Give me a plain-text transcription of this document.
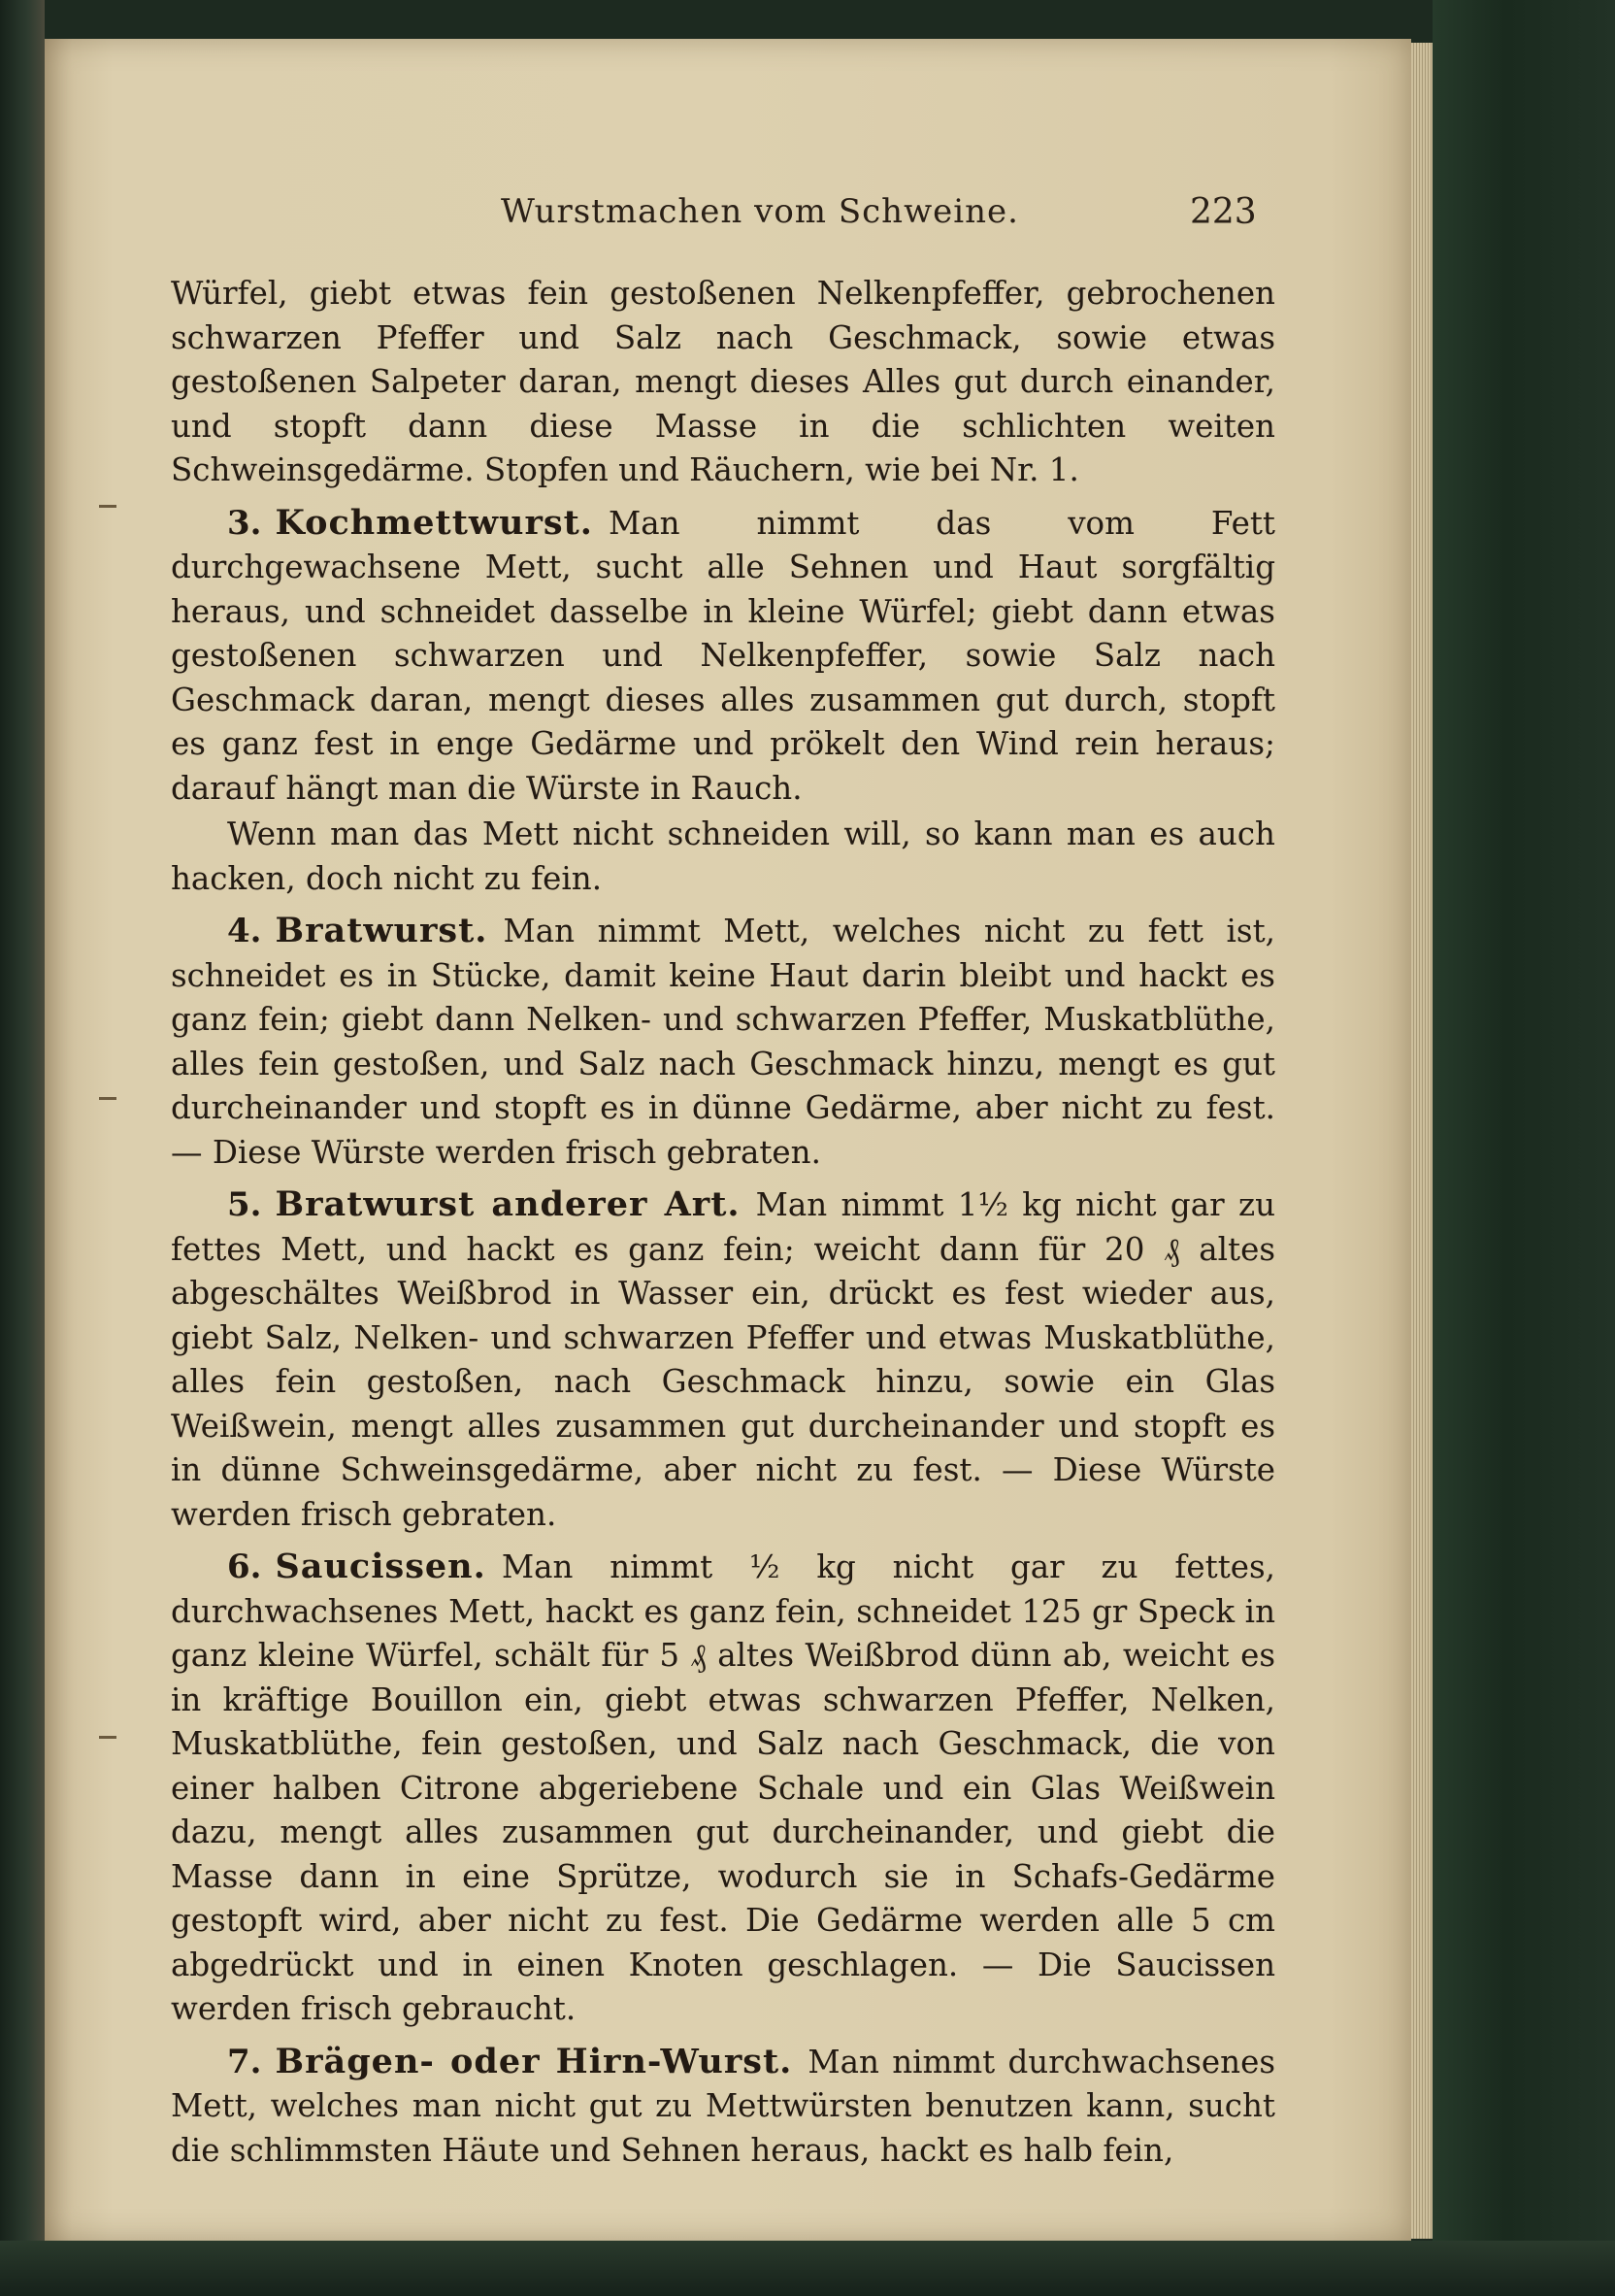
Wurstmachen vom Schweine.	223

Würfel, giebt etwas fein gestoßenen Nelkenpfeffer, gebrochenen schwarzen Pfeffer und Salz nach Geschmack, sowie etwas gestoßenen Salpeter daran, mengt dieses Alles gut durch einander, und stopft dann diese Masse in die schlichten weiten Schweinsgedärme. Stopfen und Räuchern, wie bei Nr. 1.

3. Kochmettwurst. Man nimmt das vom Fett durchgewachsene Mett, sucht alle Sehnen und Haut sorgfältig heraus, und schneidet dasselbe in kleine Würfel; giebt dann etwas gestoßenen schwarzen und Nelkenpfeffer, sowie Salz nach Geschmack daran, mengt dieses alles zusammen gut durch, stopft es ganz fest in enge Gedärme und prökelt den Wind rein heraus; darauf hängt man die Würste in Rauch.

Wenn man das Mett nicht schneiden will, so kann man es auch hacken, doch nicht zu fein.

4. Bratwurst. Man nimmt Mett, welches nicht zu fett ist, schneidet es in Stücke, damit keine Haut darin bleibt und hackt es ganz fein; giebt dann Nelken- und schwarzen Pfeffer, Muskatblüthe, alles fein gestoßen, und Salz nach Geschmack hinzu, mengt es gut durcheinander und stopft es in dünne Gedärme, aber nicht zu fest. — Diese Würste werden frisch gebraten.

5. Bratwurst anderer Art. Man nimmt 1½ kg nicht gar zu fettes Mett, und hackt es ganz fein; weicht dann für 20 ₰ altes abgeschältes Weißbrod in Wasser ein, drückt es fest wieder aus, giebt Salz, Nelken- und schwarzen Pfeffer und etwas Muskatblüthe, alles fein gestoßen, nach Geschmack hinzu, sowie ein Glas Weißwein, mengt alles zusammen gut durcheinander und stopft es in dünne Schweinsgedärme, aber nicht zu fest. — Diese Würste werden frisch gebraten.

6. Saucissen. Man nimmt ½ kg nicht gar zu fettes, durchwachsenes Mett, hackt es ganz fein, schneidet 125 gr Speck in ganz kleine Würfel, schält für 5 ₰ altes Weißbrod dünn ab, weicht es in kräftige Bouillon ein, giebt etwas schwarzen Pfeffer, Nelken, Muskatblüthe, fein gestoßen, und Salz nach Geschmack, die von einer halben Citrone abgeriebene Schale und ein Glas Weißwein dazu, mengt alles zusammen gut durcheinander, und giebt die Masse dann in eine Sprütze, wodurch sie in Schafs-Gedärme gestopft wird, aber nicht zu fest. Die Gedärme werden alle 5 cm abgedrückt und in einen Knoten geschlagen. — Die Saucissen werden frisch gebraucht.

7. Brägen- oder Hirn-Wurst. Man nimmt durchwachsenes Mett, welches man nicht gut zu Mettwürsten benutzen kann, sucht die schlimmsten Häute und Sehnen heraus, hackt es halb fein,
